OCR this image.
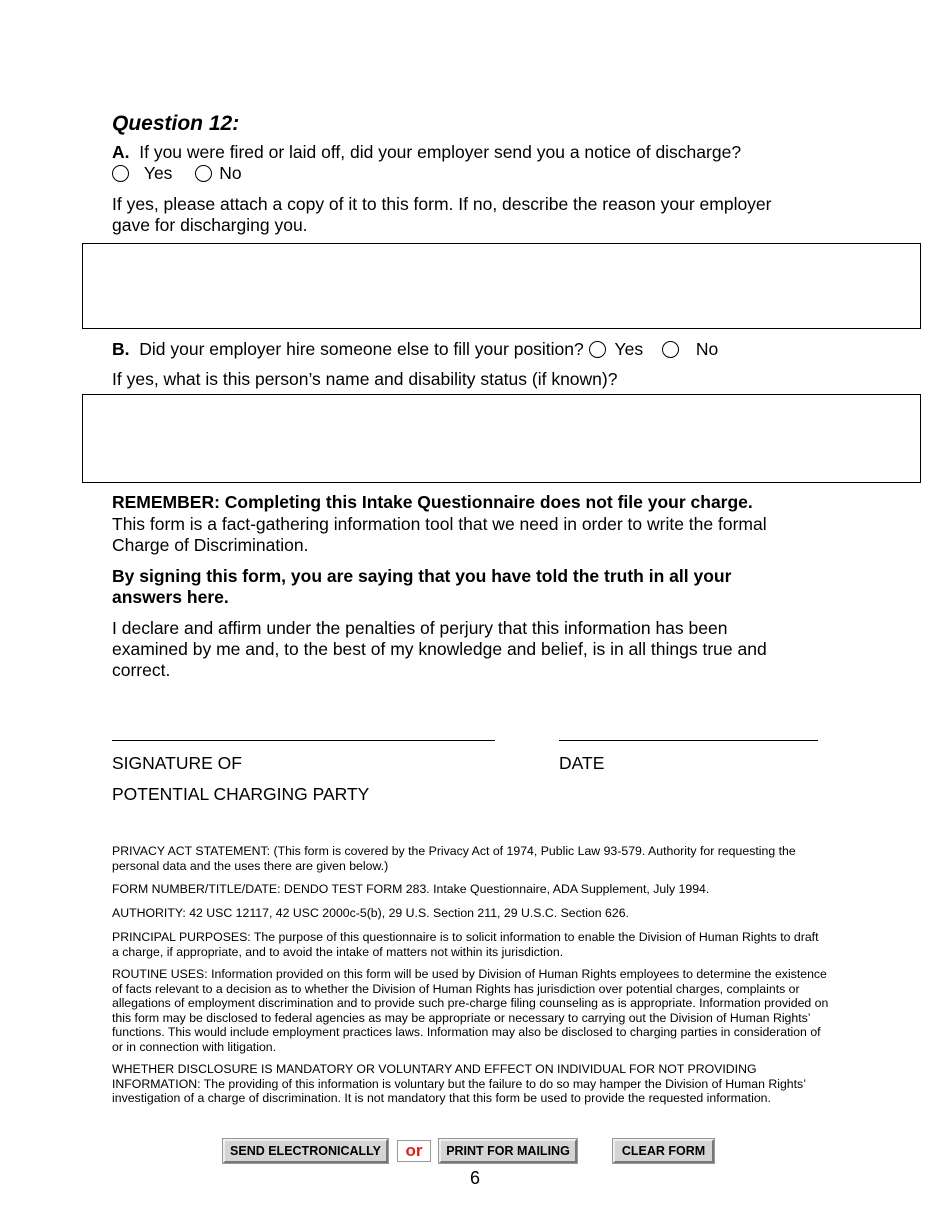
Question 12:
A. If you were fired or laid off, did your employer send you a notice of discharge?
Yes	No
If yes, please attach a copy of it to this form. If no, describe the reason your employer
gave for discharging you.
B. Did your employer hire someone else to fill your position? Yes	No
If yes, what is this person’s name and disability status (if known)?
REMEMBER: Completing this Intake Questionnaire does not file your charge.
This form is a fact-gathering information tool that we need in order to write the formal
Charge of Discrimination.
By signing this form, you are saying that you have told the truth in all your
answers here.
I declare and affirm under the penalties of perjury that this information has been
examined by me and, to the best of my knowledge and belief, is in all things true and
correct.
SIGNATURE OF	DATE
POTENTIAL CHARGING PARTY
PRIVACY ACT STATEMENT: (This form is covered by the Privacy Act of 1974, Public Law 93-579. Authority for requesting the
personal data and the uses there are given below.)
FORM NUMBER/TITLE/DATE: DENDO TEST FORM 283. Intake Questionnaire, ADA Supplement, July 1994.
AUTHORITY: 42 USC 12117, 42 USC 2000c-5(b), 29 U.S. Section 211, 29 U.S.C. Section 626.
PRINCIPAL PURPOSES: The purpose of this questionnaire is to solicit information to enable the Division of Human Rights to draft
a charge, if appropriate, and to avoid the intake of matters not within its jurisdiction.
ROUTINE USES: Information provided on this form will be used by Division of Human Rights employees to determine the existence
of facts relevant to a decision as to whether the Division of Human Rights has jurisdiction over potential charges, complaints or
allegations of employment discrimination and to provide such pre-charge filing counseling as is appropriate. Information provided on
this form may be disclosed to federal agencies as may be appropriate or necessary to carrying out the Division of Human Rights’
functions. This would include employment practices laws. Information may also be disclosed to charging parties in consideration of
or in connection with litigation.
WHETHER DISCLOSURE IS MANDATORY OR VOLUNTARY AND EFFECT ON INDIVIDUAL FOR NOT PROVIDING
INFORMATION: The providing of this information is voluntary but the failure to do so may hamper the Division of Human Rights’
investigation of a charge of discrimination. It is not mandatory that this form be used to provide the requested information.
SEND ELECTRONICALLY	or	PRINT FOR MAILING	CLEAR FORM
6
